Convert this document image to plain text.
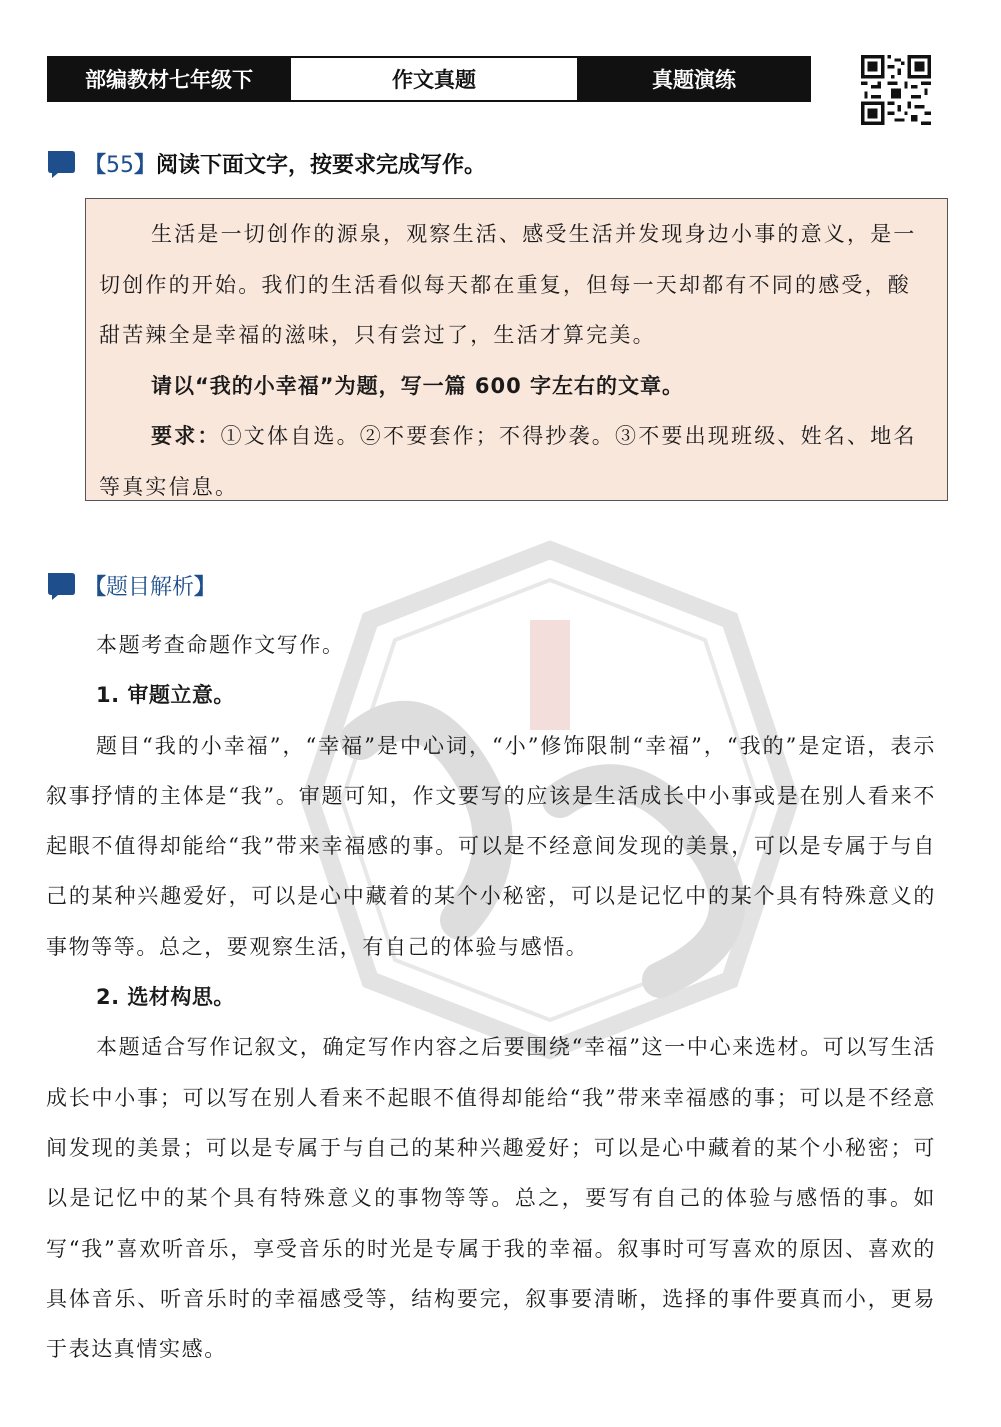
部编教材七年级下	作文真题	真题演练
【55】阅读下面文字，按要求完成写作。

生活是一切创作的源泉，观察生活、感受生活并发现身边小事的意义，是一切创作的开始。我们的生活看似每天都在重复，但每一天却都有不同的感受，酸甜苦辣全是幸福的滋味，只有尝过了，生活才算完美。

请以“我的小幸福”为题，写一篇 600 字左右的文章。

要求：①文体自选。②不要套作；不得抄袭。③不要出现班级、姓名、地名等真实信息。

【题目解析】

本题考查命题作文写作。

1. 审题立意。

题目“我的小幸福”，“幸福”是中心词，“小”修饰限制“幸福”，“我的”是定语，表示叙事抒情的主体是“我”。审题可知，作文要写的应该是生活成长中小事或是在别人看来不起眼不值得却能给“我”带来幸福感的事。可以是不经意间发现的美景，可以是专属于与自己的某种兴趣爱好，可以是心中藏着的某个小秘密，可以是记忆中的某个具有特殊意义的事物等等。总之，要观察生活，有自己的体验与感悟。

2. 选材构思。

本题适合写作记叙文，确定写作内容之后要围绕“幸福”这一中心来选材。可以写生活成长中小事；可以写在别人看来不起眼不值得却能给“我”带来幸福感的事；可以是不经意间发现的美景；可以是专属于与自己的某种兴趣爱好；可以是心中藏着的某个小秘密；可以是记忆中的某个具有特殊意义的事物等等。总之，要写有自己的体验与感悟的事。如写“我”喜欢听音乐，享受音乐的时光是专属于我的幸福。叙事时可写喜欢的原因、喜欢的具体音乐、听音乐时的幸福感受等，结构要完，叙事要清晰，选择的事件要真而小，更易于表达真情实感。
